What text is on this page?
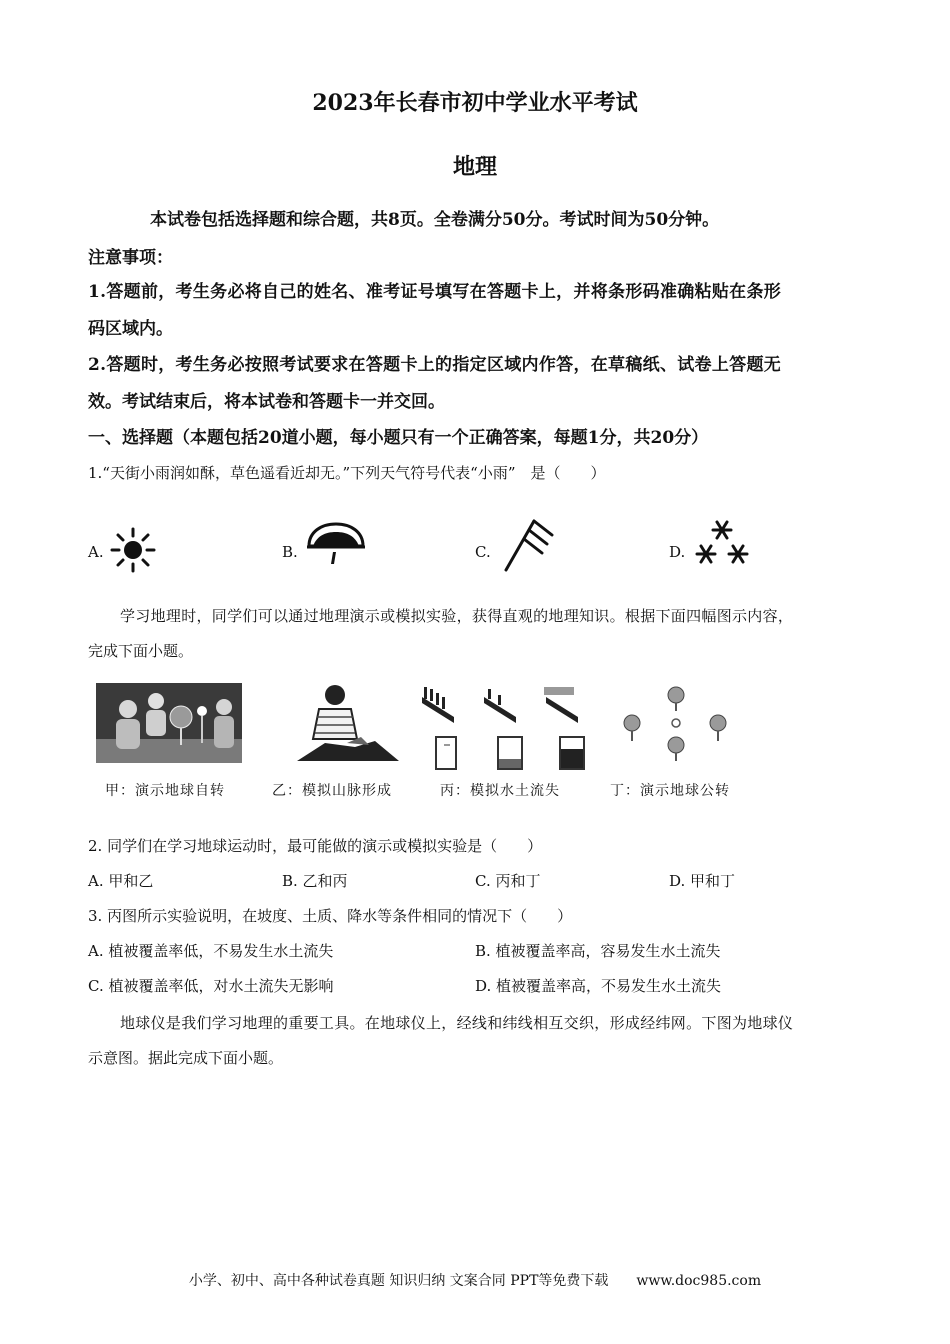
2023年长春市初中学业水平考试
地理
本试卷包括选择题和综合题，共8页。全卷满分50分。考试时间为50分钟。
注意事项：
1.答题前，考生务必将自己的姓名、准考证号填写在答题卡上，并将条形码准确粘贴在条形
码区域内。
2.答题时，考生务必按照考试要求在答题卡上的指定区域内作答，在草稿纸、试卷上答题无
效。考试结束后，将本试卷和答题卡一并交回。
一、选择题（本题包括20道小题，每小题只有一个正确答案，每题1分，共20分）
1.“天街小雨润如酥，草色遥看近却无。”下列天气符号代表“小雨”　是（　　）
A.	B.	C.	D.
学习地理时，同学们可以通过地理演示或模拟实验，获得直观的地理知识。根据下面四幅图示内容，
完成下面小题。
甲：演示地球自转	乙：模拟山脉形成	丙：模拟水土流失	丁：演示地球公转
2. 同学们在学习地球运动时，最可能做的演示或模拟实验是（　　）
A. 甲和乙	B. 乙和丙	C. 丙和丁	D. 甲和丁
3. 丙图所示实验说明，在坡度、土质、降水等条件相同的情况下（　　）
A. 植被覆盖率低，不易发生水土流失	B. 植被覆盖率高，容易发生水土流失
C. 植被覆盖率低，对水土流失无影响	D. 植被覆盖率高，不易发生水土流失
地球仪是我们学习地理的重要工具。在地球仪上，经线和纬线相互交织，形成经纬网。下图为地球仪
示意图。据此完成下面小题。
小学、初中、高中各种试卷真题 知识归纳 文案合同 PPT等免费下载　　www.doc985.com
